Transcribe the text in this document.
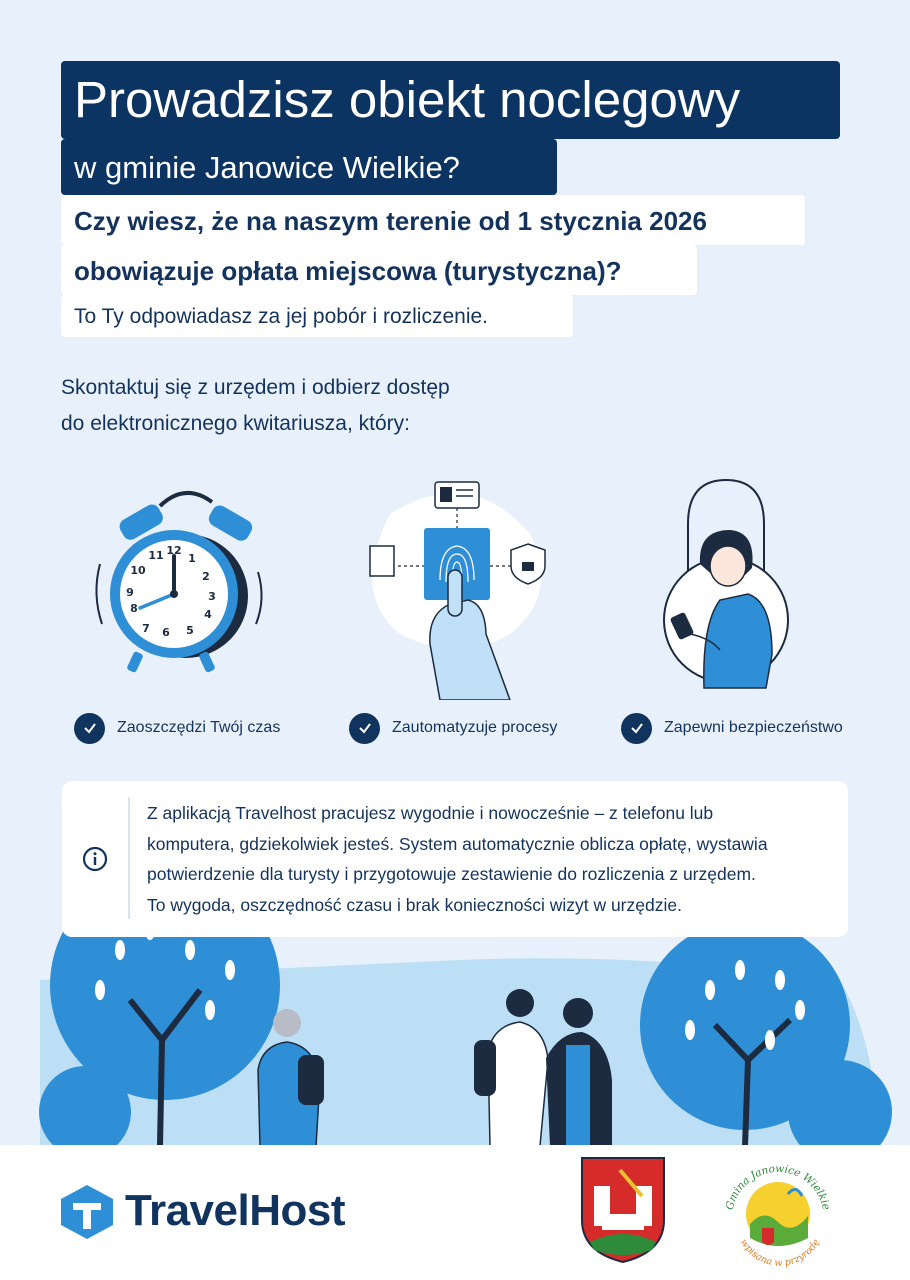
Prowadzisz obiekt noclegowy
w gminie Janowice Wielkie?
Czy wiesz, że na naszym terenie od 1 stycznia 2026
obowiązuje opłata miejscowa (turystyczna)?
To Ty odpowiadasz za jej pobór i rozliczenie.
Skontaktuj się z urzędem i odbierz dostęp
do elektronicznego kwitariusza, który:
12
11
10
9
8
7
1
2
3
4
5
6
Zaoszczędzi Twój czas	Zautomatyzuje procesy	Zapewni bezpieczeństwo
Z aplikacją Travelhost pracujesz wygodnie i nowocześnie – z telefonu lub
komputera, gdziekolwiek jesteś. System automatycznie oblicza opłatę, wystawia
potwierdzenie dla turysty i przygotowuje zestawienie do rozliczenia z urzędem.
To wygoda, oszczędność czasu i brak konieczności wizyt w urzędzie.
TravelHost	Gmina Janowice Wielkie
wpisana w przyrodę
